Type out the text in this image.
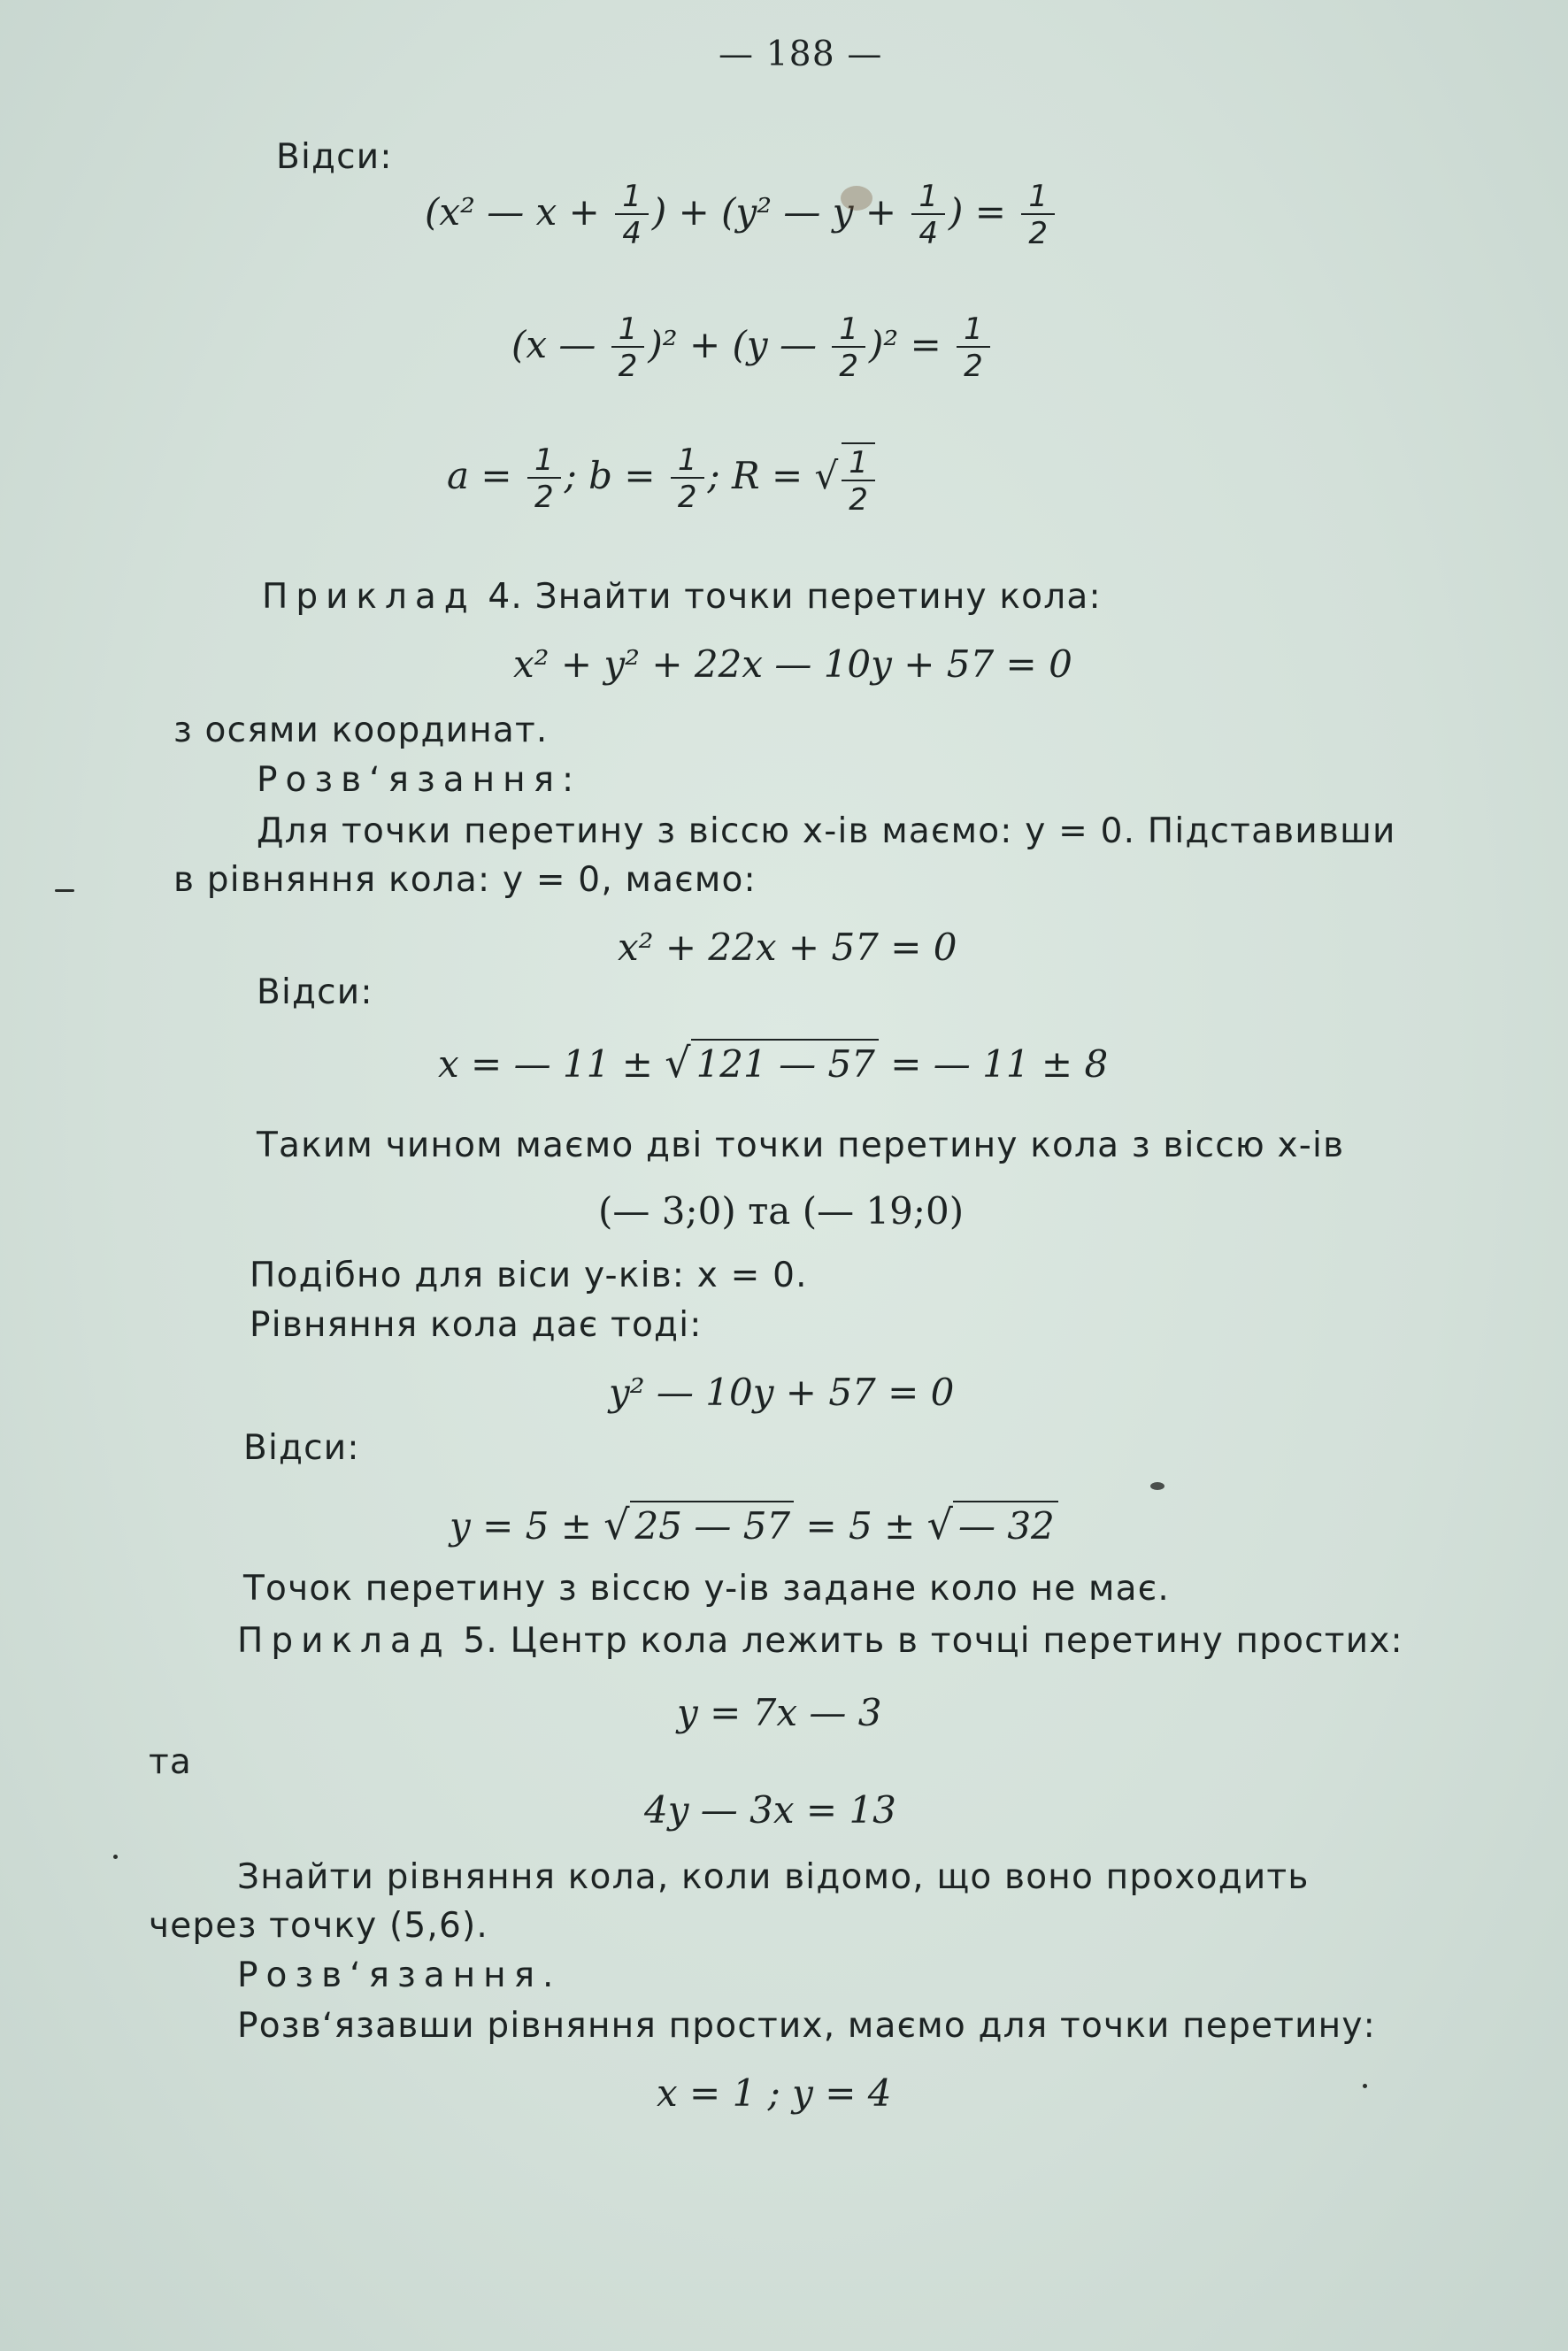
— 188 —
Відси:
(x² — $x + \frac{1}{4}$ ) + (y² — $y + \frac{1}{4}$ ) = $\frac{1}{2}$
(x — $\frac{1}{2} )^2 + (y$ — $\frac{1}{2} )^2 = \frac{1}{2}$
$a = \frac{1}{2}$ ; $b = \frac{1}{2}$ ; R = √ $\frac{1}{2}$
Приклад 4. Знайти точки перетину кола:
x² + y² + 22x — 10y + 57 = 0
з осями координат.
Розв‘язання:
Для точки перетину з віссю x-ів маємо: y = 0. Підставивши
в рівняння кола: y = 0, маємо:
x² + 22x + 57 = 0
Відси:
x = — 11 ± √ 121 — 57 = — 11 ± 8
Таким чином маємо дві точки перетину кола з віссю x-ів
(— 3;0) та (— 19;0)
Подібно для віси y-ків: x = 0.
Рівняння кола дає тоді:
y² — 10y + 57 = 0
Відси:
y = 5 ± √ 25 — 57 = 5 ± √ — 32
Точок перетину з віссю y-ів задане коло не має.
Приклад 5. Центр кола лежить в точці перетину простих:
y = 7x — 3
та
4y — 3x = 13
Знайти рівняння кола, коли відомо, що воно проходить
через точку (5,6).
Розв‘язання.
Розв‘язавши рівняння простих, маємо для точки перетину:
x = 1 ; y = 4
